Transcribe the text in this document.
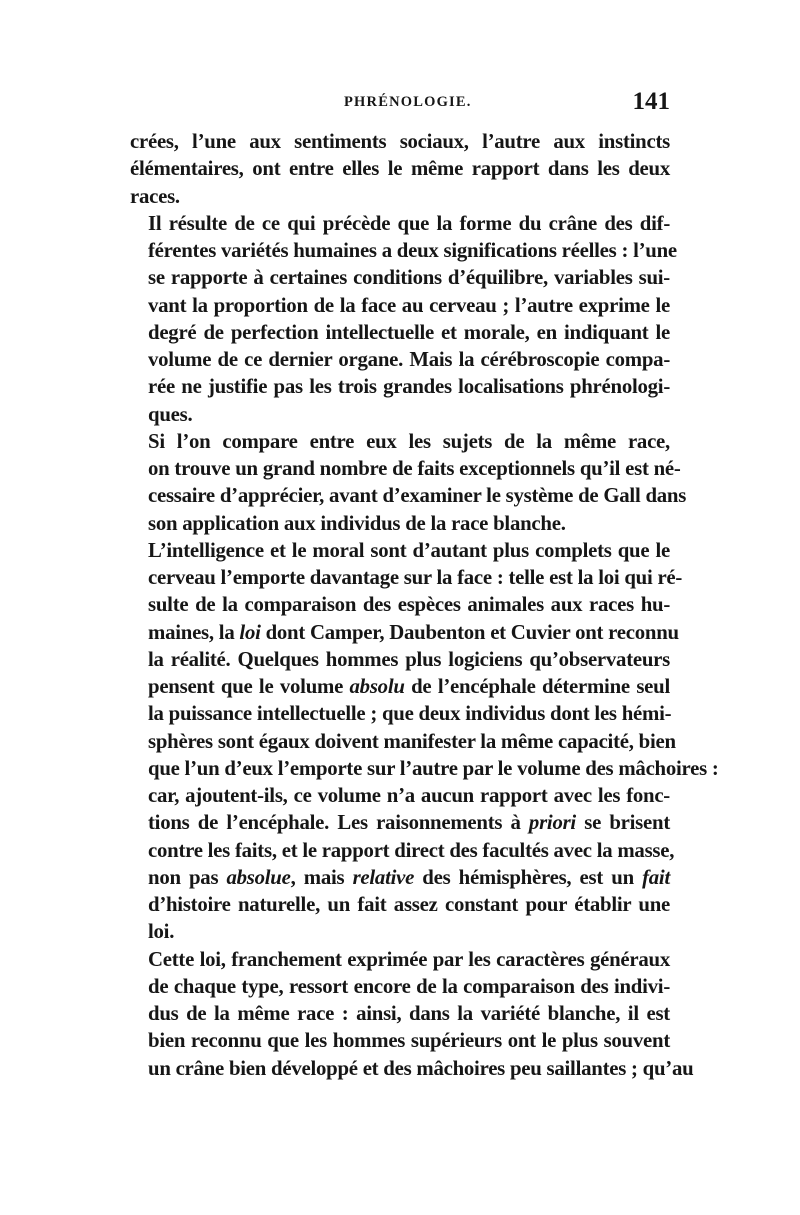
PHRÉNOLOGIE.	141

crées, l’une aux sentiments sociaux, l’autre aux instincts
élémentaires, ont entre elles le même rapport dans les deux
races.

Il résulte de ce qui précède que la forme du crâne des dif-
férentes variétés humaines a deux significations réelles : l’une
se rapporte à certaines conditions d’équilibre, variables sui-
vant la proportion de la face au cerveau ; l’autre exprime le
degré de perfection intellectuelle et morale, en indiquant le
volume de ce dernier organe. Mais la cérébroscopie compa-
rée ne justifie pas les trois grandes localisations phrénologi-
ques.

Si l’on compare entre eux les sujets de la même race,
on trouve un grand nombre de faits exceptionnels qu’il est né-
cessaire d’apprécier, avant d’examiner le système de Gall dans
son application aux individus de la race blanche.

L’intelligence et le moral sont d’autant plus complets que le
cerveau l’emporte davantage sur la face : telle est la loi qui ré-
sulte de la comparaison des espèces animales aux races hu-
maines, la loi dont Camper, Daubenton et Cuvier ont reconnu
la réalité. Quelques hommes plus logiciens qu’observateurs
pensent que le volume absolu de l’encéphale détermine seul
la puissance intellectuelle ; que deux individus dont les hémi-
sphères sont égaux doivent manifester la même capacité, bien
que l’un d’eux l’emporte sur l’autre par le volume des mâchoires :
car, ajoutent-ils, ce volume n’a aucun rapport avec les fonc-
tions de l’encéphale. Les raisonnements à priori se brisent
contre les faits, et le rapport direct des facultés avec la masse,
non pas absolue, mais relative des hémisphères, est un fait
d’histoire naturelle, un fait assez constant pour établir une
loi.

Cette loi, franchement exprimée par les caractères généraux
de chaque type, ressort encore de la comparaison des indivi-
dus de la même race : ainsi, dans la variété blanche, il est
bien reconnu que les hommes supérieurs ont le plus souvent
un crâne bien développé et des mâchoires peu saillantes ; qu’au
